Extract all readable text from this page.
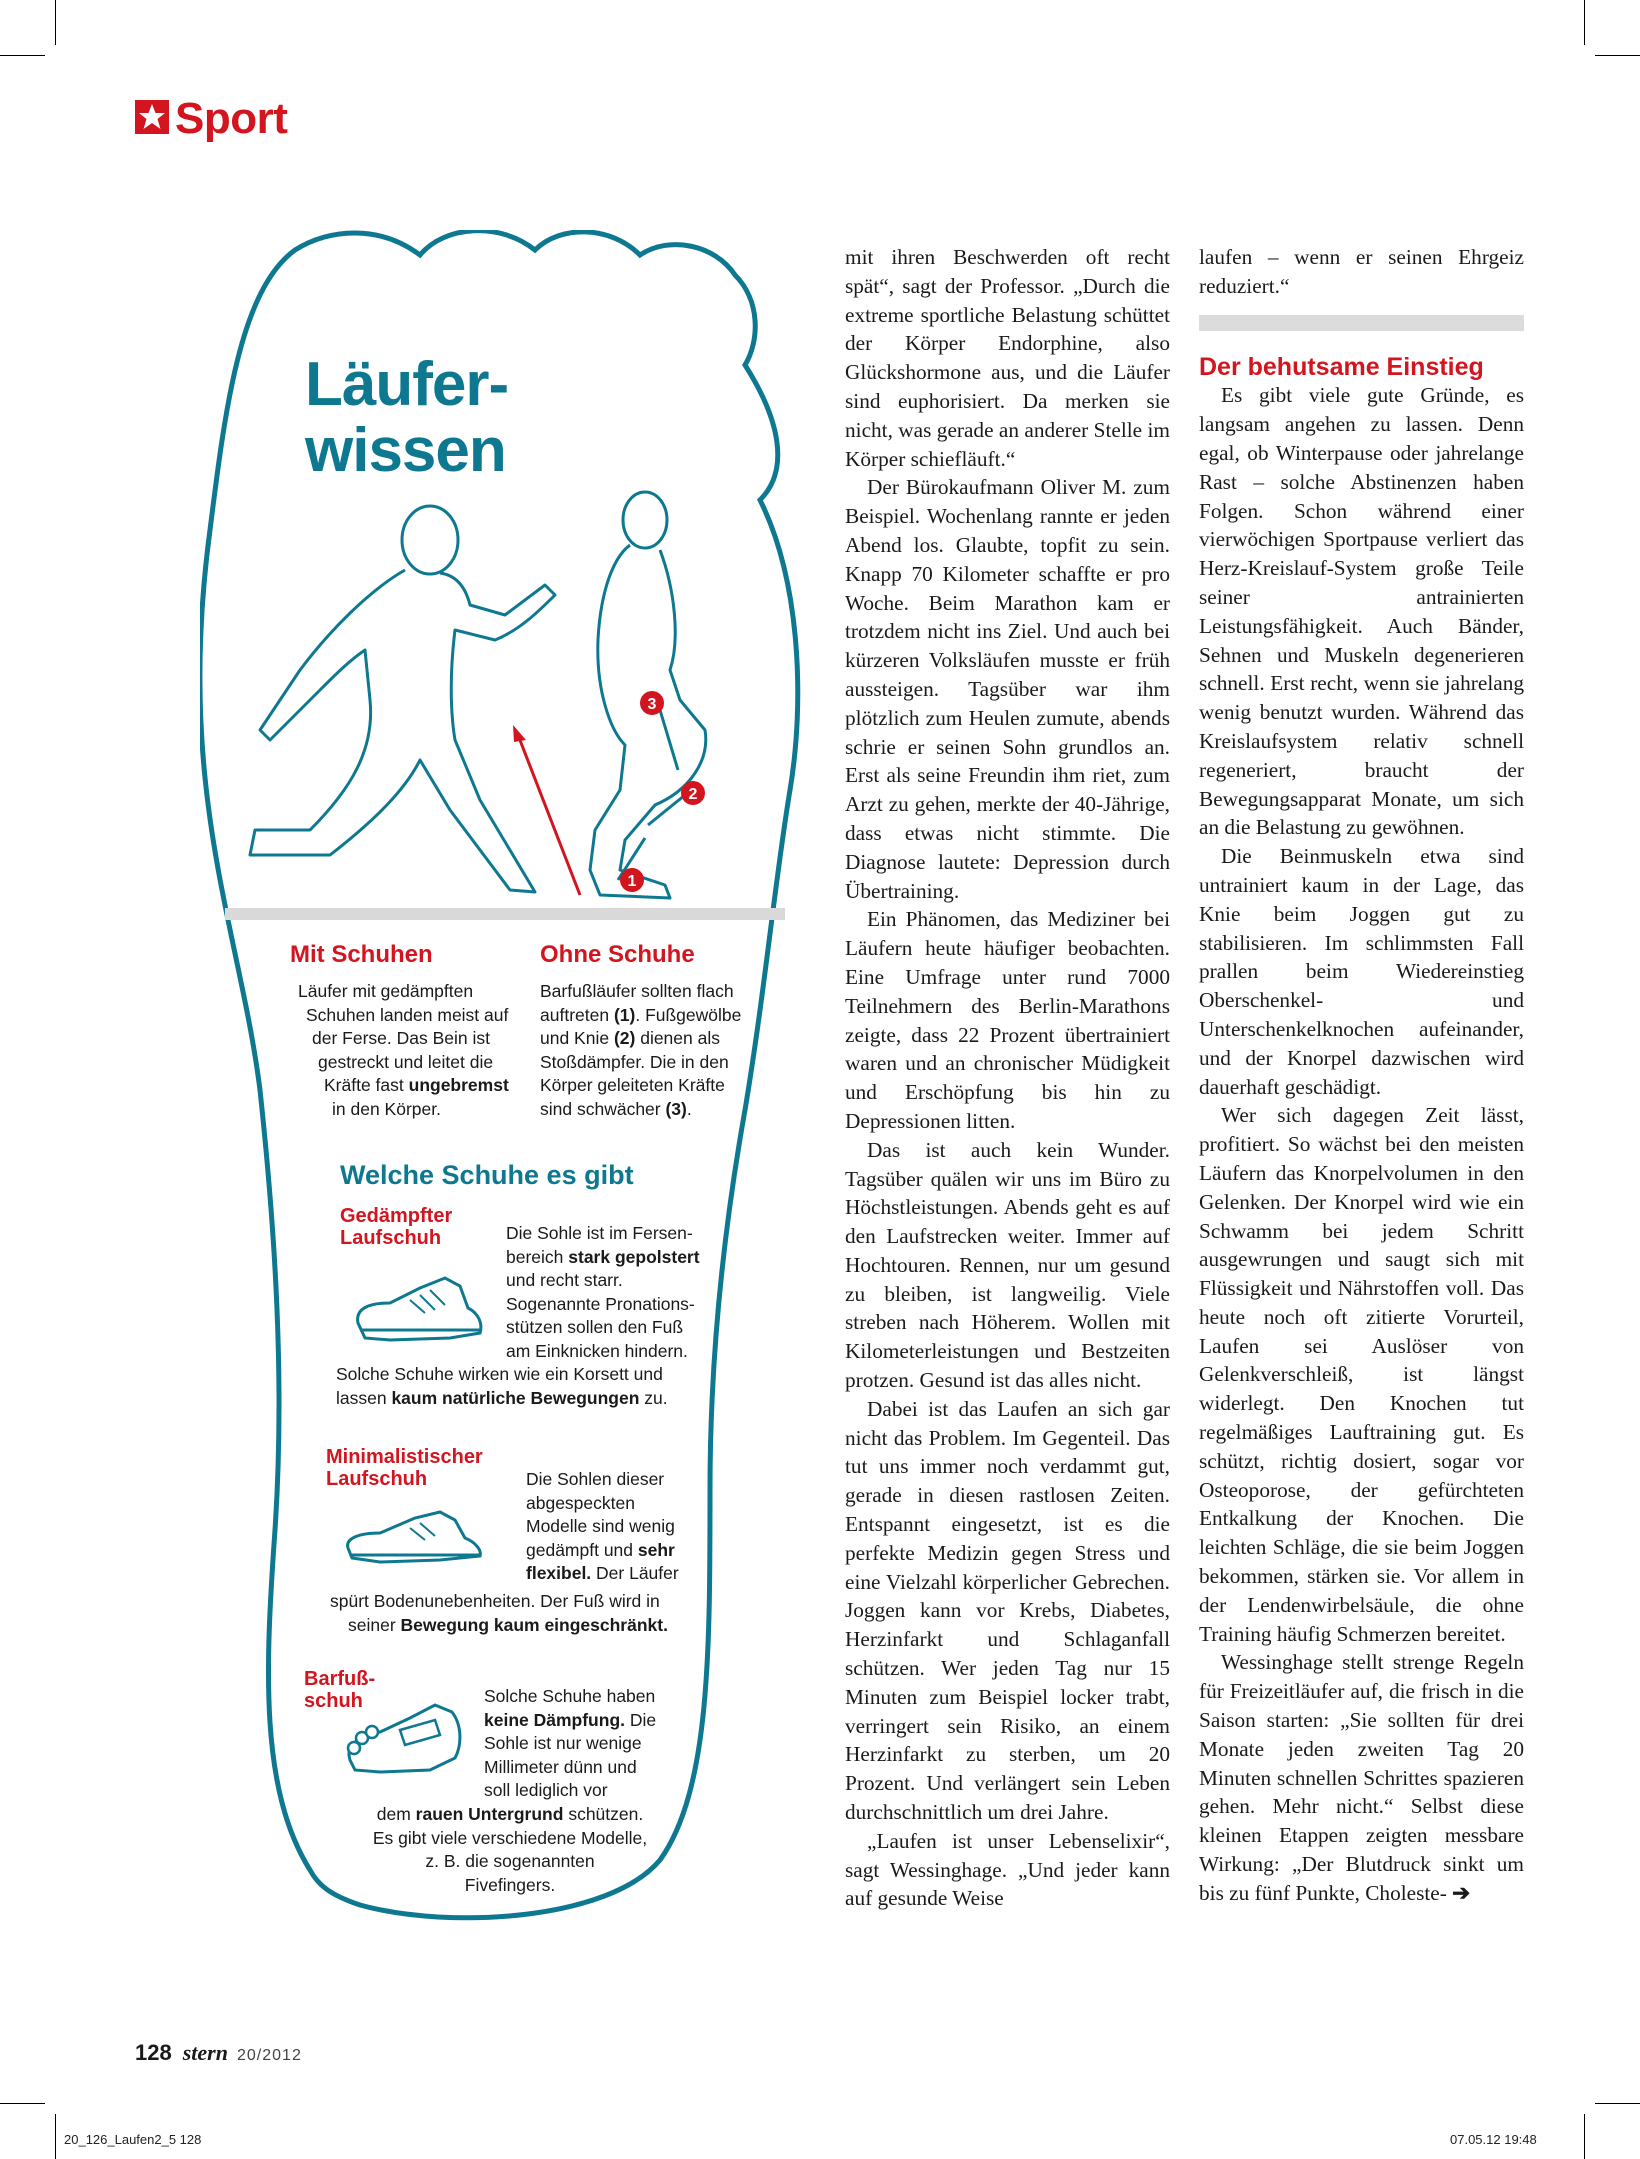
Sport
1
2
3
Läufer-
wissen
Mit Schuhen
Läufer mit gedämpften
Schuhen landen meist auf
der Ferse. Das Bein ist
gestreckt und leitet die
Kräfte fast ungebremst
in den Körper.
Ohne Schuhe
Barfußläufer sollten flach
auftreten (1). Fußgewölbe
und Knie (2) dienen als
Stoßdämpfer. Die in den
Körper geleiteten Kräfte
sind schwächer (3).
Welche Schuhe es gibt
Gedämpfter
Laufschuh	Die Sohle ist im Fersen-
bereich stark gepolstert
und recht starr.
Sogenannte Pronations-
stützen sollen den Fuß
am Einknicken hindern.
Solche Schuhe wirken wie ein Korsett und
lassen kaum natürliche Bewegungen zu.
Minimalistischer
Laufschuh	Die Sohlen dieser
abgespeckten
Modelle sind wenig
gedämpft und sehr
flexibel. Der Läufer
spürt Bodenunebenheiten. Der Fuß wird in
seiner Bewegung kaum eingeschränkt.
Barfuß-
schuh	Solche Schuhe haben
keine Dämpfung. Die
Sohle ist nur wenige
Millimeter dünn und
soll lediglich vor
dem rauen Untergrund schützen.
Es gibt viele verschiedene Modelle,
z. B. die sogenannten
Fivefingers.

mit ihren Beschwerden oft recht spät“, sagt der Professor. „Durch die extreme sportliche Belastung schüttet der Körper Endorphine, also Glückshormone aus, und die Läufer sind euphorisiert. Da merken sie nicht, was gerade an anderer Stelle im Körper schiefläuft.“

Der Bürokaufmann Oliver M. zum Beispiel. Wochenlang rannte er jeden Abend los. Glaubte, topfit zu sein. Knapp 70 Kilometer schaffte er pro Woche. Beim Marathon kam er trotzdem nicht ins Ziel. Und auch bei kürzeren Volksläufen musste er früh aussteigen. Tagsüber war ihm plötzlich zum Heulen zumute, abends schrie er seinen Sohn grundlos an. Erst als seine Freundin ihm riet, zum Arzt zu gehen, merkte der 40-Jährige, dass etwas nicht stimmte. Die Diagnose lautete: Depression durch Übertraining.

Ein Phänomen, das Mediziner bei Läufern heute häufiger beobachten. Eine Umfrage unter rund 7000 Teilnehmern des Berlin-Marathons zeigte, dass 22 Prozent übertrainiert waren und an chronischer Müdigkeit und Erschöpfung bis hin zu Depressionen litten.

Das ist auch kein Wunder. Tagsüber quälen wir uns im Büro zu Höchstleistungen. Abends geht es auf den Laufstrecken weiter. Immer auf Hochtouren. Rennen, nur um gesund zu bleiben, ist langweilig. Viele streben nach Höherem. Wollen mit Kilometerleistungen und Bestzeiten protzen. Gesund ist das alles nicht.

Dabei ist das Laufen an sich gar nicht das Problem. Im Gegenteil. Das tut uns immer noch verdammt gut, gerade in diesen rastlosen Zeiten. Entspannt eingesetzt, ist es die perfekte Medizin gegen Stress und eine Vielzahl körperlicher Gebrechen. Joggen kann vor Krebs, Diabetes, Herzinfarkt und Schlaganfall schützen. Wer jeden Tag nur 15 Minuten zum Beispiel locker trabt, verringert sein Risiko, an einem Herzinfarkt zu sterben, um 20 Prozent. Und verlängert sein Leben durchschnittlich um drei Jahre.

„Laufen ist unser Lebenselixir“, sagt Wessinghage. „Und jeder kann auf gesunde Weise

laufen – wenn er seinen Ehrgeiz reduziert.“

Der behutsame Einstieg

Es gibt viele gute Gründe, es langsam angehen zu lassen. Denn egal, ob Winterpause oder jahrelange Rast – solche Abstinenzen haben Folgen. Schon während einer vierwöchigen Sportpause verliert das Herz-Kreislauf-System große Teile seiner antrainierten Leistungsfähigkeit. Auch Bänder, Sehnen und Muskeln degenerieren schnell. Erst recht, wenn sie jahrelang wenig benutzt wurden. Während das Kreislaufsystem relativ schnell regeneriert, braucht der Bewegungsapparat Monate, um sich an die Belastung zu gewöhnen.

Die Beinmuskeln etwa sind untrainiert kaum in der Lage, das Knie beim Joggen gut zu stabilisieren. Im schlimmsten Fall prallen beim Wiedereinstieg Oberschenkel- und Unterschenkelknochen aufeinander, und der Knorpel dazwischen wird dauerhaft geschädigt.

Wer sich dagegen Zeit lässt, profitiert. So wächst bei den meisten Läufern das Knorpelvolumen in den Gelenken. Der Knorpel wird wie ein Schwamm bei jedem Schritt ausgewrungen und saugt sich mit Flüssigkeit und Nährstoffen voll. Das heute noch oft zitierte Vorurteil, Laufen sei Auslöser von Gelenkverschleiß, ist längst widerlegt. Den Knochen tut regelmäßiges Lauftraining gut. Es schützt, richtig dosiert, sogar vor Osteoporose, der gefürchteten Entkalkung der Knochen. Die leichten Schläge, die sie beim Joggen bekommen, stärken sie. Vor allem in der Lendenwirbelsäule, die ohne Training häufig Schmerzen bereitet.

Wessinghage stellt strenge Regeln für Freizeitläufer auf, die frisch in die Saison starten: „Sie sollten für drei Monate jeden zweiten Tag 20 Minuten schnellen Schrittes spazieren gehen. Mehr nicht.“ Selbst diese kleinen Etappen zeigten messbare Wirkung: „Der Blutdruck sinkt um bis zu fünf Punkte, Choleste- ➔

128 stern 20/2012
20_126_Laufen2_5 128	07.05.12 19:48
